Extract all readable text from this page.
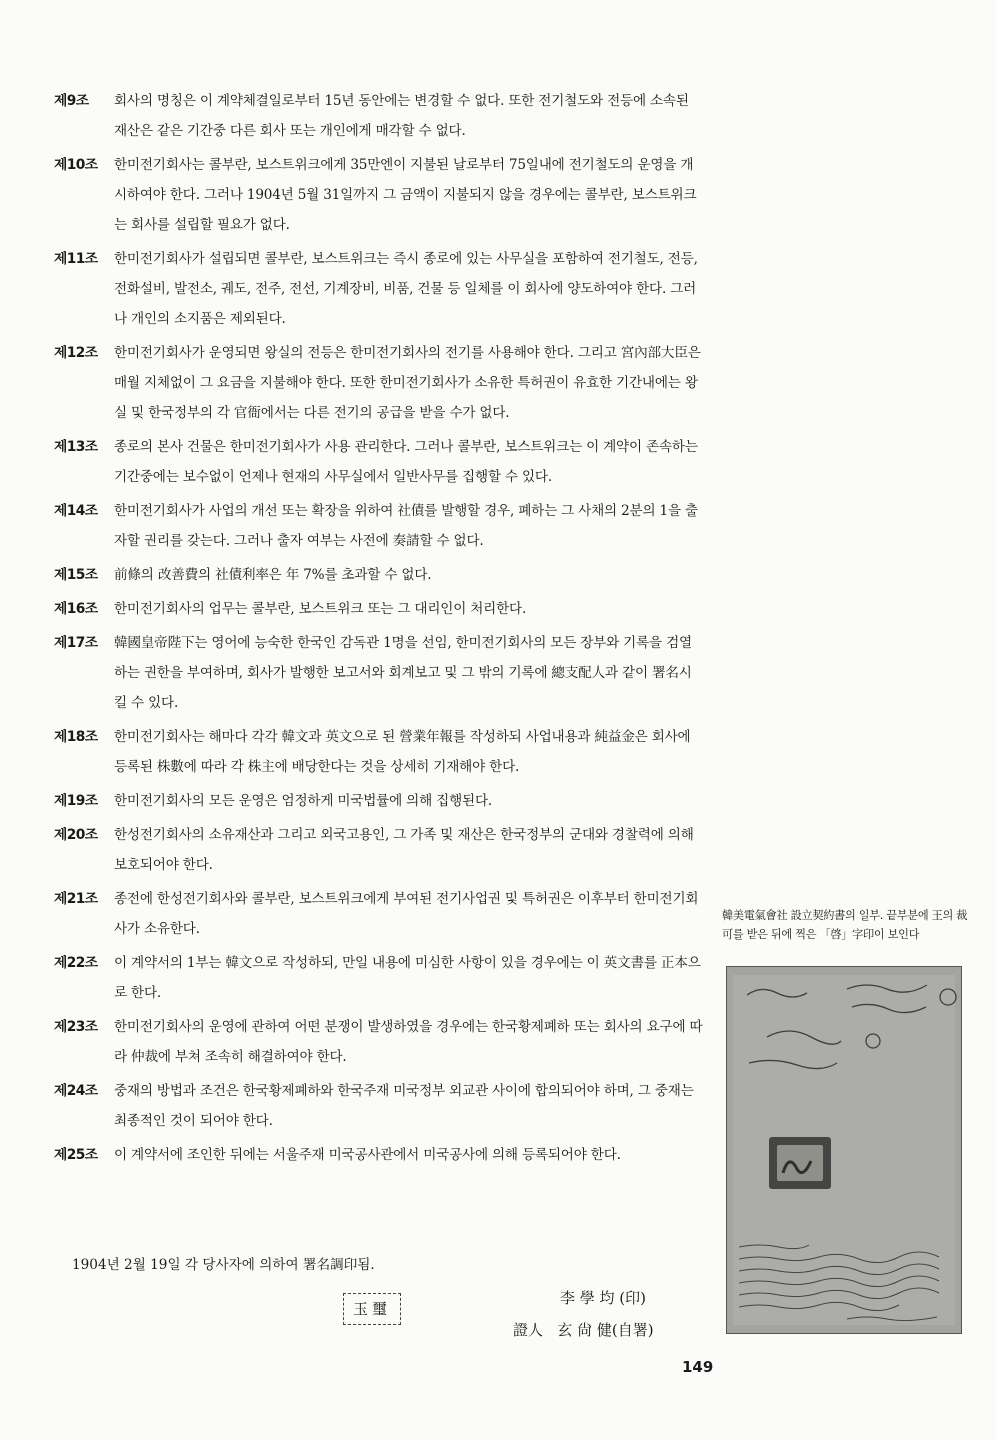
제9조 회사의 명칭은 이 계약체결일로부터 15년 동안에는 변경할 수 없다. 또한 전기철도와 전등에 소속된 재산은 같은 기간중 다른 회사 또는 개인에게 매각할 수 없다.
제10조 한미전기회사는 콜부란, 보스트위크에게 35만엔이 지불된 날로부터 75일내에 전기철도의 운영을 개시하여야 한다. 그러나 1904년 5월 31일까지 그 금액이 지불되지 않을 경우에는 콜부란, 보스트위크는 회사를 설립할 필요가 없다.
제11조 한미전기회사가 설립되면 콜부란, 보스트위크는 즉시 종로에 있는 사무실을 포함하여 전기철도, 전등, 전화설비, 발전소, 궤도, 전주, 전선, 기계장비, 비품, 건물 등 일체를 이 회사에 양도하여야 한다. 그러나 개인의 소지품은 제외된다.
제12조 한미전기회사가 운영되면 왕실의 전등은 한미전기회사의 전기를 사용해야 한다. 그리고 宮內部大臣은 매월 지체없이 그 요금을 지불해야 한다. 또한 한미전기회사가 소유한 특허권이 유효한 기간내에는 왕실 및 한국정부의 각 官衙에서는 다른 전기의 공급을 받을 수가 없다.
제13조 종로의 본사 건물은 한미전기회사가 사용 관리한다. 그러나 콜부란, 보스트위크는 이 계약이 존속하는 기간중에는 보수없이 언제나 현재의 사무실에서 일반사무를 집행할 수 있다.
제14조 한미전기회사가 사업의 개선 또는 확장을 위하여 社債를 발행할 경우, 폐하는 그 사채의 2분의 1을 출자할 권리를 갖는다. 그러나 출자 여부는 사전에 奏請할 수 없다.
제15조 前條의 改善費의 社債利率은 年 7%를 초과할 수 없다.
제16조 한미전기회사의 업무는 콜부란, 보스트위크 또는 그 대리인이 처리한다.
제17조 韓國皇帝陛下는 영어에 능숙한 한국인 감독관 1명을 선임, 한미전기회사의 모든 장부와 기록을 검열하는 권한을 부여하며, 회사가 발행한 보고서와 회계보고 및 그 밖의 기록에 總支配人과 같이 署名시킬 수 있다.
제18조 한미전기회사는 해마다 각각 韓文과 英文으로 된 營業年報를 작성하되 사업내용과 純益金은 회사에 등록된 株數에 따라 각 株主에 배당한다는 것을 상세히 기재해야 한다.
제19조 한미전기회사의 모든 운영은 엄정하게 미국법률에 의해 집행된다.
제20조 한성전기회사의 소유재산과 그리고 외국고용인, 그 가족 및 재산은 한국정부의 군대와 경찰력에 의해 보호되어야 한다.
제21조 종전에 한성전기회사와 콜부란, 보스트위크에게 부여된 전기사업권 및 특허권은 이후부터 한미전기회사가 소유한다.
제22조 이 계약서의 1부는 韓文으로 작성하되, 만일 내용에 미심한 사항이 있을 경우에는 이 英文書를 正本으로 한다.
제23조 한미전기회사의 운영에 관하여 어떤 분쟁이 발생하였을 경우에는 한국황제폐하 또는 회사의 요구에 따라 仲裁에 부쳐 조속히 해결하여야 한다.
제24조 중재의 방법과 조건은 한국황제폐하와 한국주재 미국정부 외교관 사이에 합의되어야 하며, 그 중재는 최종적인 것이 되어야 한다.
제25조 이 계약서에 조인한 뒤에는 서울주재 미국공사관에서 미국공사에 의해 등록되어야 한다.
1904년 2월 19일 각 당사자에 의하여 署名調印됨.
玉璽
李 學 均 (印)
證人   玄 尙 健(自署)
149
韓美電氣會社 設立契約書의 일부. 끝부분에 王의 裁可를 받은 뒤에 찍은 「啓」字印이 보인다
